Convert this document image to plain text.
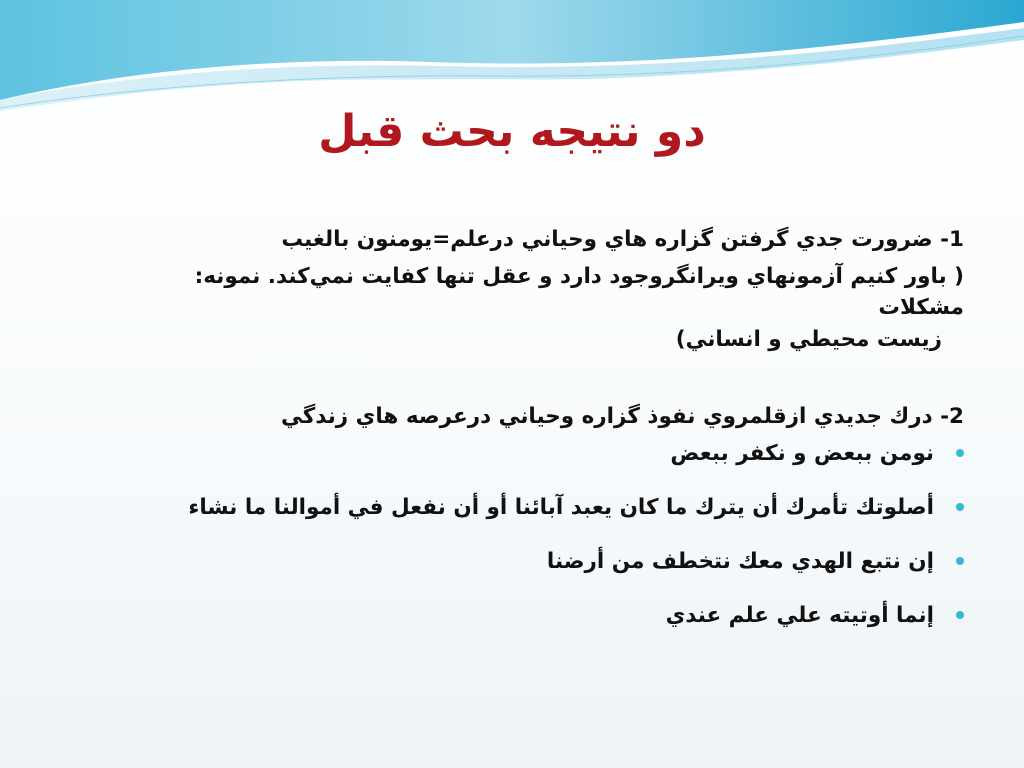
دو نتيجه بحث قبل
1- ضرورت جدي گرفتن گزاره هاي وحياني درعلم=يومنون بالغيب
( باور كنيم آزمونهاي ويرانگروجود دارد و عقل تنها كفايت نمي‌كند. نمونه: مشكلات
زيست محيطي و انساني)
2- درك جديدي ازقلمروي نفوذ گزاره وحياني درعرصه هاي زندگي
نومن ببعض و نكفر ببعض
أصلوتك تأمرك أن يترك ما كان يعبد آبائنا أو أن نفعل في أموالنا ما نشاء
إن نتبع الهدي معك نتخطف من أرضنا
إنما أوتيته علي علم عندي
